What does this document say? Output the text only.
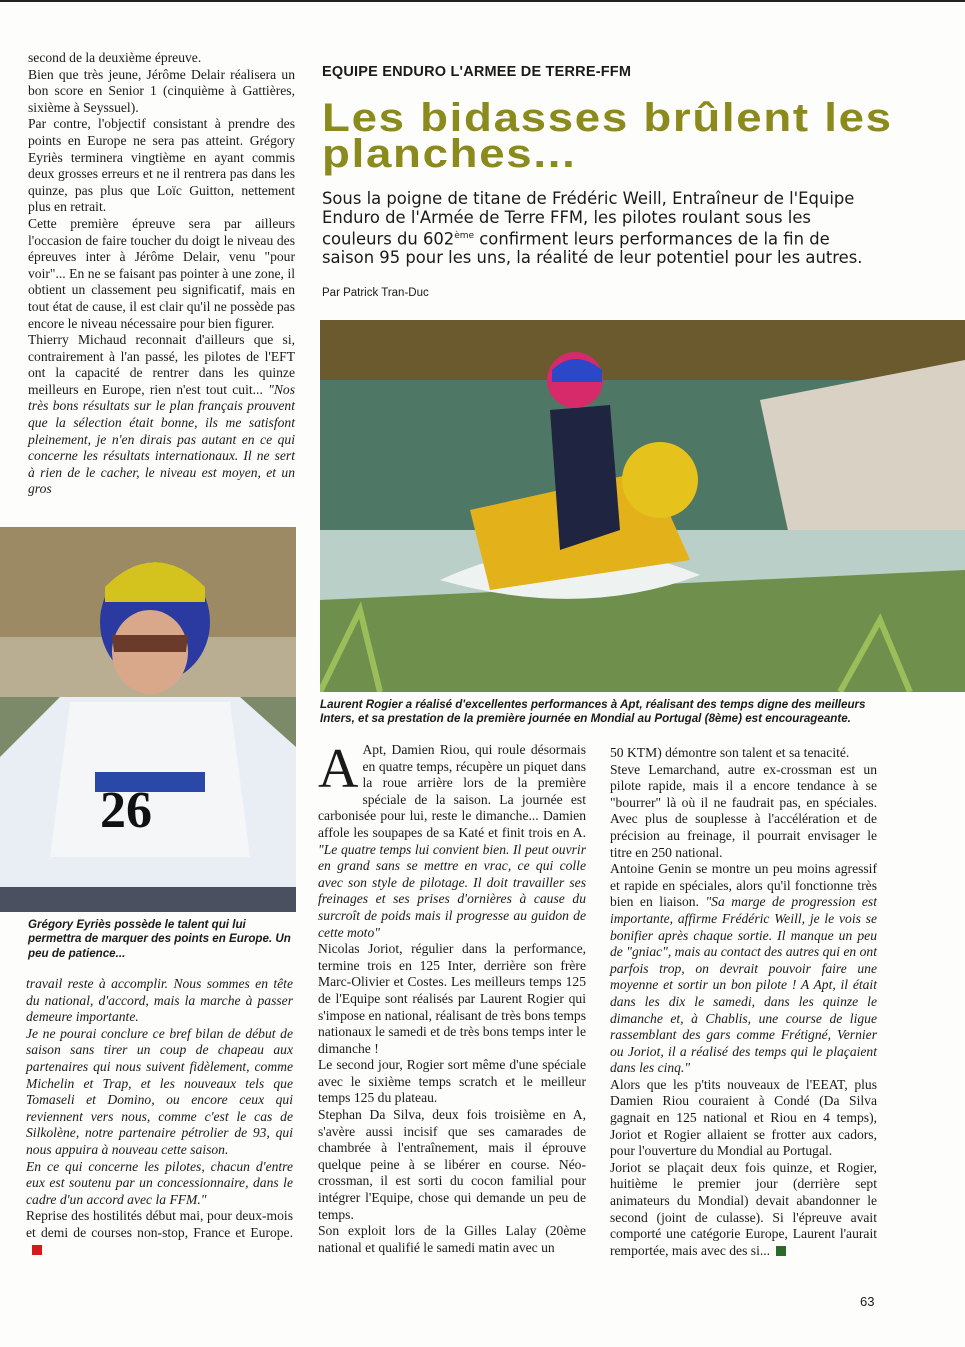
second de la deuxième épreuve.

Bien que très jeune, Jérôme Delair réalisera un bon score en Senior 1 (cinquième à Gattières, sixième à Seyssuel).

Par contre, l'objectif consistant à prendre des points en Europe ne sera pas atteint. Grégory Eyriès terminera vingtième en ayant commis deux grosses erreurs et ne il rentrera pas dans les quinze, pas plus que Loïc Guitton, nettement plus en retrait.

Cette première épreuve sera par ailleurs l'occasion de faire toucher du doigt le niveau des épreuves inter à Jérôme Delair, venu "pour voir"... En ne se faisant pas pointer à une zone, il obtient un classement peu significatif, mais en tout état de cause, il est clair qu'il ne possède pas encore le niveau nécessaire pour bien figurer.

Thierry Michaud reconnait d'ailleurs que si, contrairement à l'an passé, les pilotes de l'EFT ont la capacité de rentrer dans les quinze meilleurs en Europe, rien n'est tout cuit... "Nos très bons résultats sur le plan français prouvent que la sélection était bonne, ils me satisfont pleinement, je n'en dirais pas autant en ce qui concerne les résultats internationaux. Il ne sert à rien de le cacher, le niveau est moyen, et un gros

26
Grégory Eyriès possède le talent qui lui permettra de marquer des points en Europe. Un peu de patience...

travail reste à accomplir. Nous sommes en tête du national, d'accord, mais la marche à passer demeure importante.

Je ne pourai conclure ce bref bilan de début de saison sans tirer un coup de chapeau aux partenaires qui nous suivent fidèlement, comme Michelin et Trap, et les nouveaux tels que Tomaseli et Domino, ou encore ceux qui reviennent vers nous, comme c'est le cas de Silkolène, notre partenaire pétrolier de 93, qui nous appuira à nouveau cette saison.

En ce qui concerne les pilotes, chacun d'entre eux est soutenu par un concessionnaire, dans le cadre d'un accord avec la FFM."

Reprise des hostilités début mai, pour deux-mois et demi de courses non-stop, France et Europe.

EQUIPE ENDURO L'ARMEE DE TERRE-FFM
Les bidasses brûlent les planches...
Sous la poigne de titane de Frédéric Weill, Entraîneur de l'Equipe Enduro de l'Armée de Terre FFM, les pilotes roulant sous les couleurs du 602ème confirment leurs performances de la fin de saison 95 pour les uns, la réalité de leur potentiel pour les autres.
Par Patrick Tran-Duc
Laurent Rogier a réalisé d'excellentes performances à Apt, réalisant des temps digne des meilleurs Inters, et sa prestation de la première journée en Mondial au Portugal (8ème) est encourageante.

A Apt, Damien Riou, qui roule désormais en quatre temps, récupère un piquet dans la roue arrière lors de la première spéciale de la saison. La journée est carbonisée pour lui, reste le dimanche... Damien affole les soupapes de sa Katé et finit trois en A. "Le quatre temps lui convient bien. Il peut ouvrir en grand sans se mettre en vrac, ce qui colle avec son style de pilotage. Il doit travailler ses freinages et ses prises d'ornières à cause du surcroît de poids mais il progresse au guidon de cette moto"

Nicolas Joriot, régulier dans la performance, termine trois en 125 Inter, derrière son frère Marc-Olivier et Costes. Les meilleurs temps 125 de l'Equipe sont réalisés par Laurent Rogier qui s'impose en national, réalisant de très bons temps nationaux le samedi et de très bons temps inter le dimanche !

Le second jour, Rogier sort même d'une spéciale avec le sixième temps scratch et le meilleur temps 125 du plateau.

Stephan Da Silva, deux fois troisième en A, s'avère aussi incisif que ses camarades de chambrée à l'entraînement, mais il éprouve quelque peine à se libérer en course. Néo-crossman, il est sorti du cocon familial pour intégrer l'Equipe, chose qui demande un peu de temps.

Son exploit lors de la Gilles Lalay (20ème national et qualifié le samedi matin avec un

50 KTM) démontre son talent et sa tenacité.

Steve Lemarchand, autre ex-crossman est un pilote rapide, mais il a encore tendance à se "bourrer" là où il ne faudrait pas, en spéciales. Avec plus de souplesse à l'accélération et de précision au freinage, il pourrait envisager le titre en 250 national.

Antoine Genin se montre un peu moins agressif et rapide en spéciales, alors qu'il fonctionne très bien en liaison. "Sa marge de progression est importante, affirme Frédéric Weill, je le vois se bonifier après chaque sortie. Il manque un peu de "gniac", mais au contact des autres qui en ont parfois trop, on devrait pouvoir faire une moyenne et sortir un bon pilote ! A Apt, il était dans les dix le samedi, dans les quinze le dimanche et, à Chablis, une course de ligue rassemblant des gars comme Frétigné, Vernier ou Joriot, il a réalisé des temps qui le plaçaient dans les cinq."

Alors que les p'tits nouveaux de l'EEAT, plus Damien Riou couraient à Condé (Da Silva gagnait en 125 national et Riou en 4 temps), Joriot et Rogier allaient se frotter aux cadors, pour l'ouverture du Mondial au Portugal.

Joriot se plaçait deux fois quinze, et Rogier, huitième le premier jour (derrière sept animateurs du Mondial) devait abandonner le second (joint de culasse). Si l'épreuve avait comporté une catégorie Europe, Laurent l'aurait remportée, mais avec des si...

63
